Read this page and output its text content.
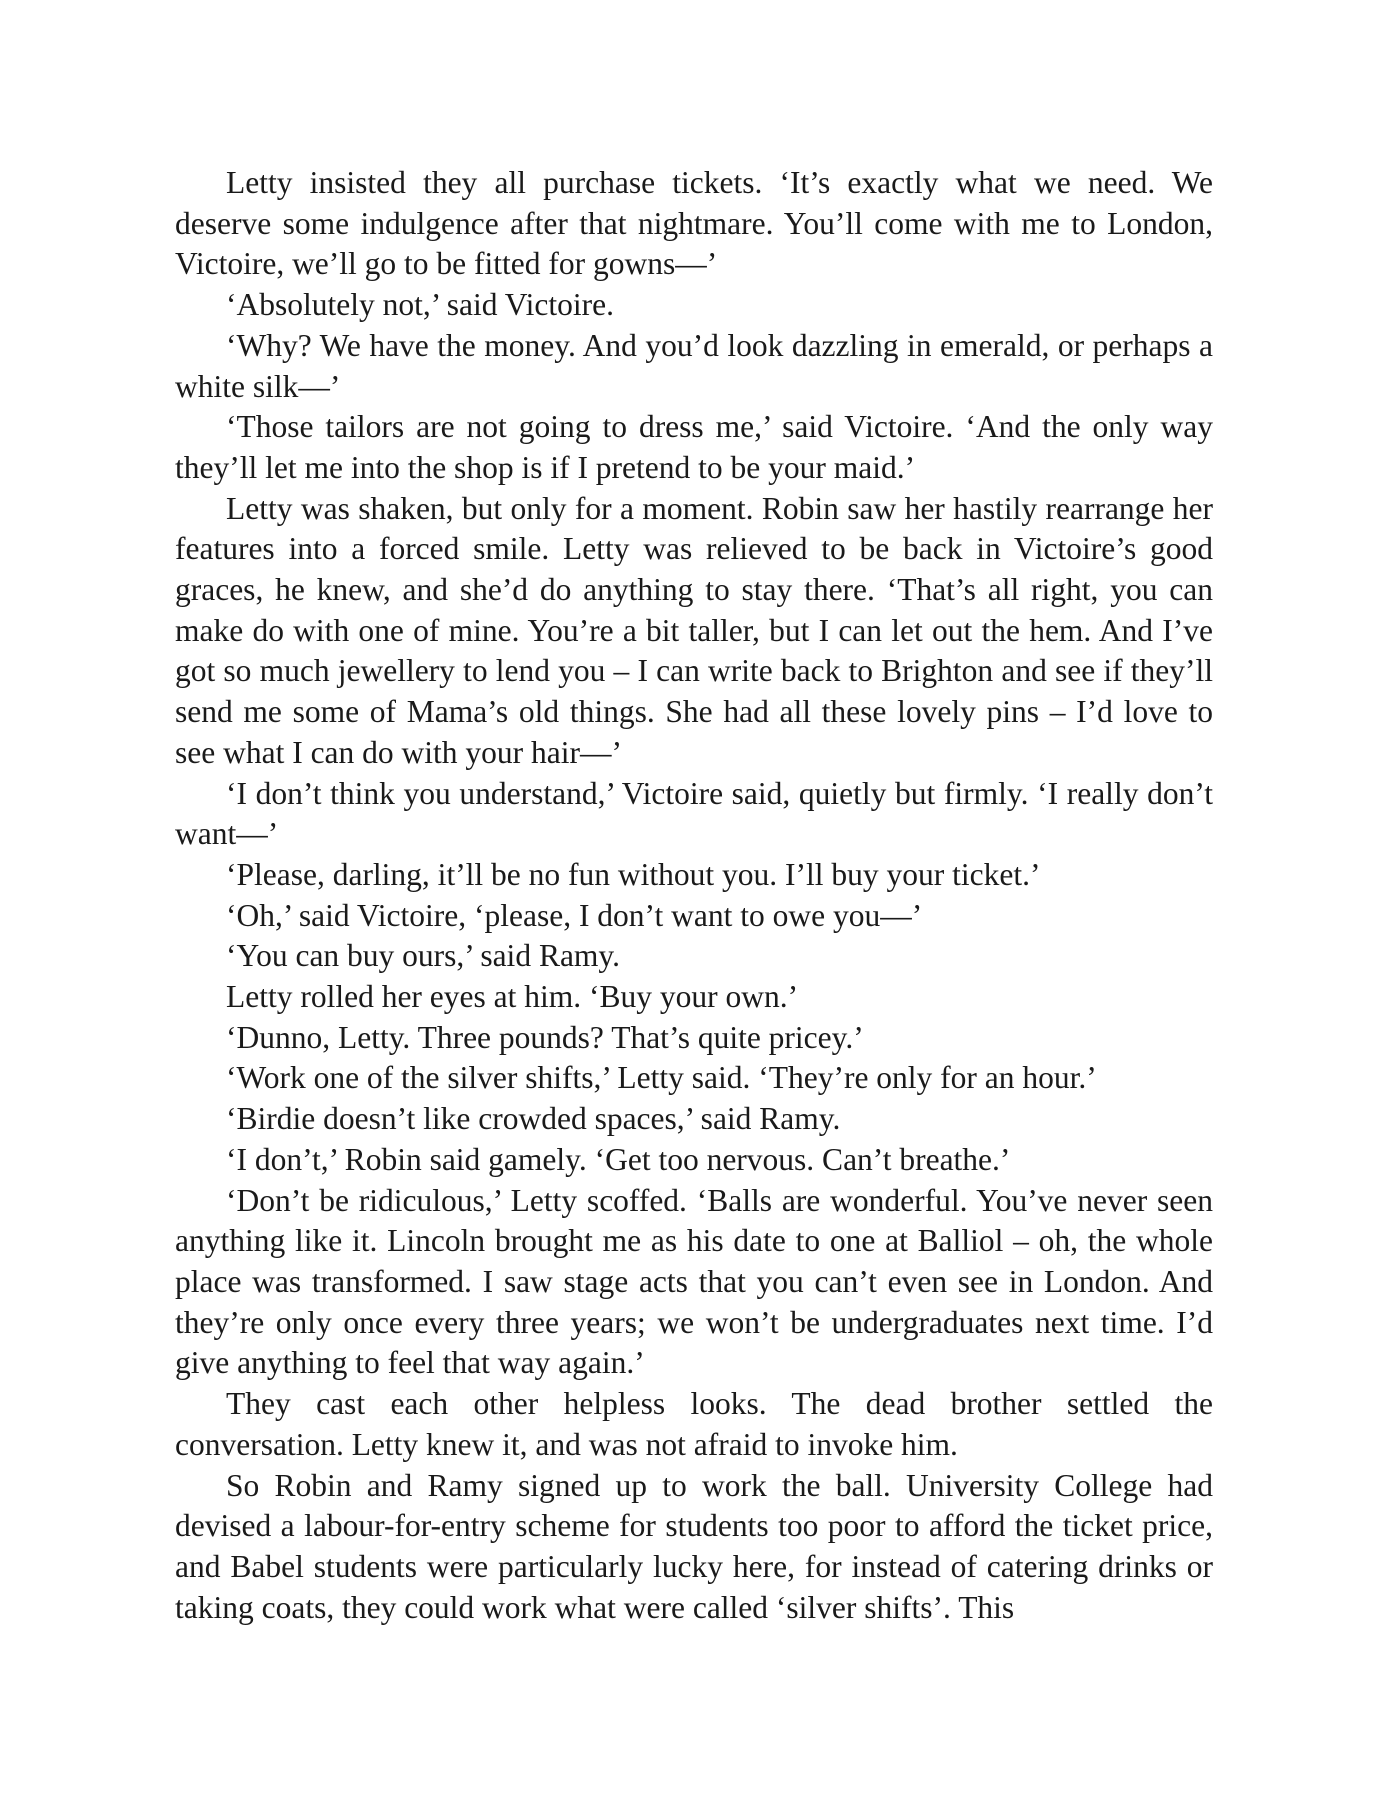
Letty insisted they all purchase tickets. ‘It’s exactly what we need. We deserve some indulgence after that nightmare. You’ll come with me to London, Victoire, we’ll go to be fitted for gowns—’

‘Absolutely not,’ said Victoire.

‘Why? We have the money. And you’d look dazzling in emerald, or perhaps a white silk—’

‘Those tailors are not going to dress me,’ said Victoire. ‘And the only way they’ll let me into the shop is if I pretend to be your maid.’

Letty was shaken, but only for a moment. Robin saw her hastily rearrange her features into a forced smile. Letty was relieved to be back in Victoire’s good graces, he knew, and she’d do anything to stay there. ‘That’s all right, you can make do with one of mine. You’re a bit taller, but I can let out the hem. And I’ve got so much jewellery to lend you – I can write back to Brighton and see if they’ll send me some of Mama’s old things. She had all these lovely pins – I’d love to see what I can do with your hair—’

‘I don’t think you understand,’ Victoire said, quietly but firmly. ‘I really don’t want—’

‘Please, darling, it’ll be no fun without you. I’ll buy your ticket.’

‘Oh,’ said Victoire, ‘please, I don’t want to owe you—’

‘You can buy ours,’ said Ramy.

Letty rolled her eyes at him. ‘Buy your own.’

‘Dunno, Letty. Three pounds? That’s quite pricey.’

‘Work one of the silver shifts,’ Letty said. ‘They’re only for an hour.’

‘Birdie doesn’t like crowded spaces,’ said Ramy.

‘I don’t,’ Robin said gamely. ‘Get too nervous. Can’t breathe.’

‘Don’t be ridiculous,’ Letty scoffed. ‘Balls are wonderful. You’ve never seen anything like it. Lincoln brought me as his date to one at Balliol – oh, the whole place was transformed. I saw stage acts that you can’t even see in London. And they’re only once every three years; we won’t be undergraduates next time. I’d give anything to feel that way again.’

They cast each other helpless looks. The dead brother settled the conversation. Letty knew it, and was not afraid to invoke him.

So Robin and Ramy signed up to work the ball. University College had devised a labour-for-entry scheme for students too poor to afford the ticket price, and Babel students were particularly lucky here, for instead of catering drinks or taking coats, they could work what were called ‘silver shifts’. This
